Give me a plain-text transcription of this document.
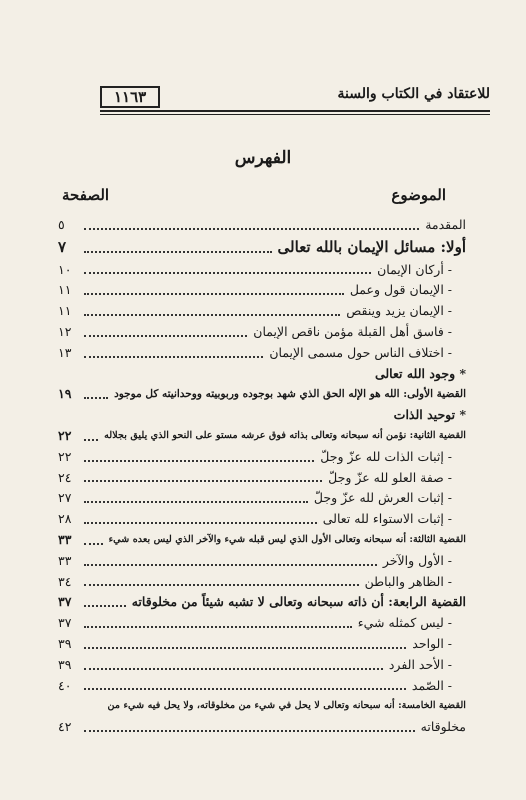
للاعتقاد في الكتاب والسنة
١١٦٣
الفهرس
الموضوع
الصفحة
المقدمة
٥
أولا: مسائل الإيمان بالله تعالى
٧
- أركان الإيمان
١٠
- الإيمان قول وعمل
١١
- الإيمان يزيد وينقص
١١
- فاسق أهل القبلة مؤمن ناقص الإيمان
١٢
- اختلاف الناس حول مسمى الإيمان
١٣
* وجود الله تعالى
القضية الأولى: الله هو الإله الحق الذي شهد بوجوده وربوبيته ووحدانيته كل موجود
١٩
* توحيد الذات
القضية الثانية: نؤمن أنه سبحانه وتعالى بذاته فوق عرشه مستو على النحو الذي يليق بجلاله
٢٢
- إثبات الذات لله عزّ وجلّ
٢٢
- صفة العلو لله عزّ وجلّ
٢٤
- إثبات العرش لله عزّ وجلّ
٢٧
- إثبات الاستواء لله تعالى
٢٨
القضية الثالثة: أنه سبحانه وتعالى الأول الذي ليس قبله شيء والآخر الذي ليس بعده شيء
٣٣
- الأول والآخر
٣٣
- الظاهر والباطن
٣٤
القضية الرابعة: أن ذاته سبحانه وتعالى لا تشبه شيئاً من مخلوقاته
٣٧
- ليس كمثله شيء
٣٧
- الواحد
٣٩
- الأحد الفرد
٣٩
- الصّمد
٤٠
القضية الخامسة: أنه سبحانه وتعالى لا يحل في شيء من مخلوقاته، ولا يحل فيه شيء من
مخلوقاته
٤٢
